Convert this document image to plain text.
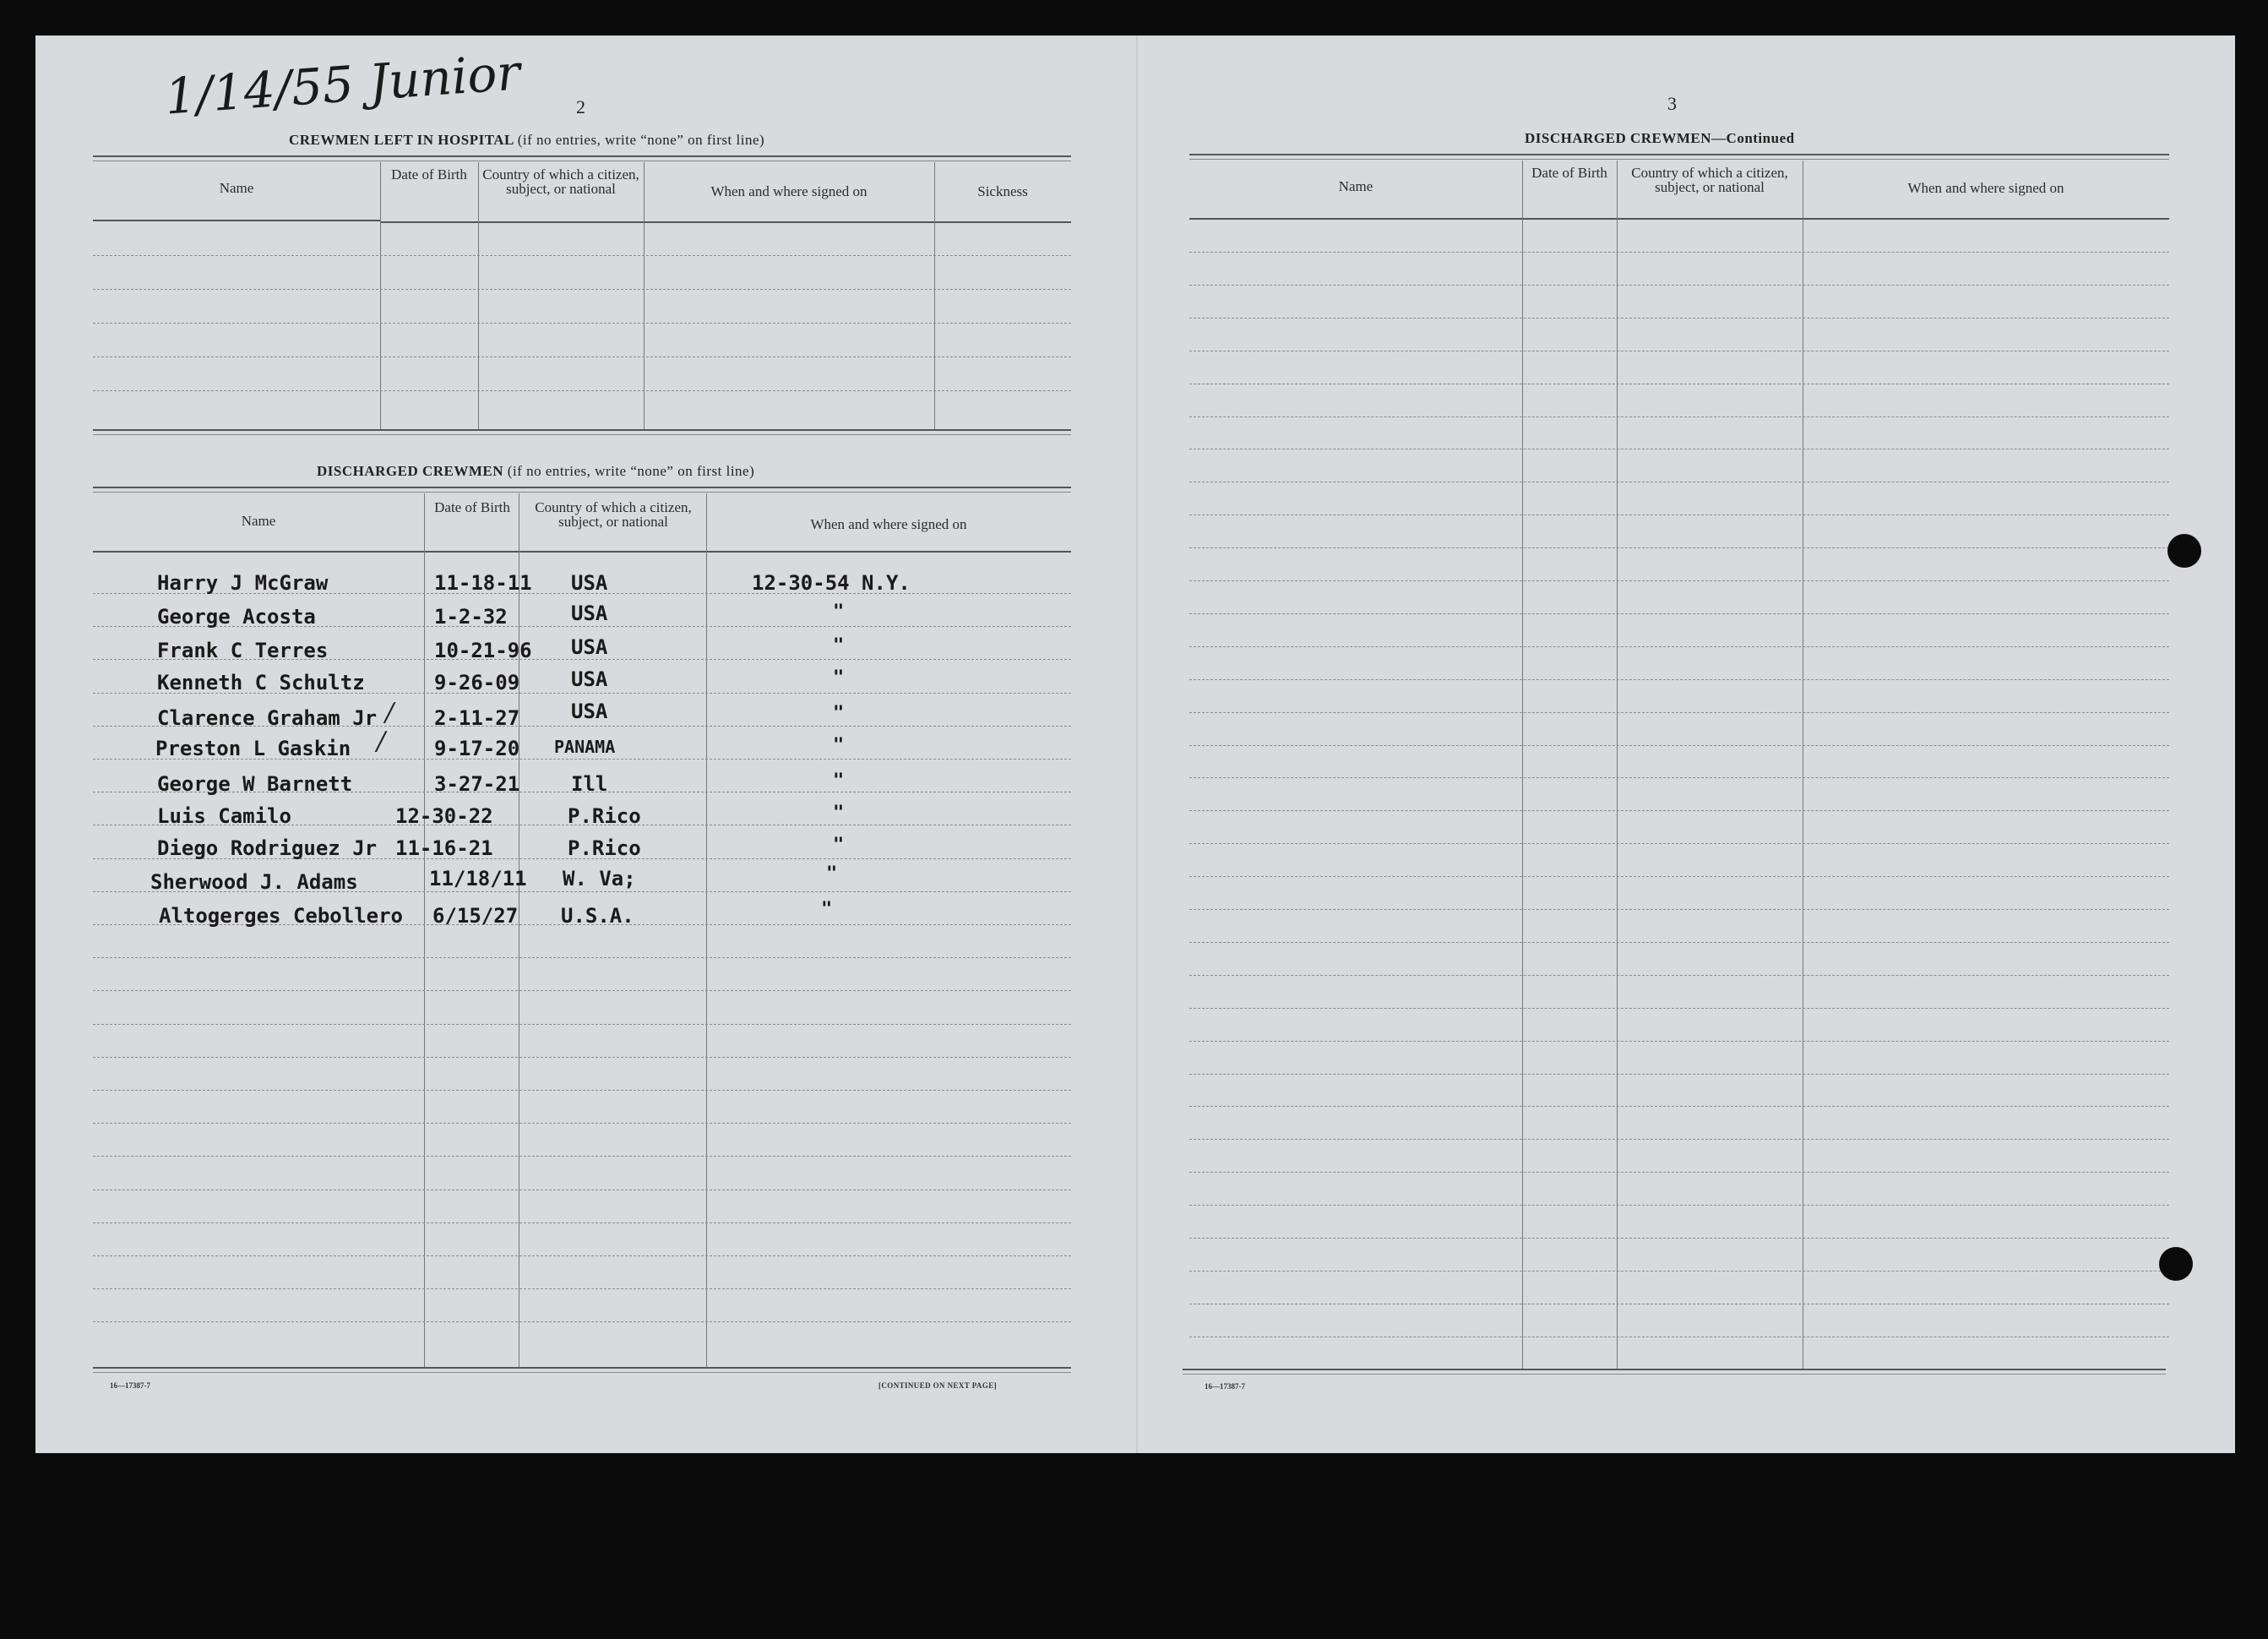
1/14/55 Junior	2
CREWMEN LEFT IN HOSPITAL (if no entries, write “none” on first line)
Name
Date of Birth	Country of which a citizen, subject, or national	When and where signed on	Sickness
DISCHARGED CREWMEN (if no entries, write “none” on first line)
Name
Date of Birth	Country of which a citizen, subject, or national	When and where signed on
Harry J McGraw	11-18-11 USA	12-30-54 N.Y.
George Acosta	1-2-32	USA	"
Frank C Terres	10-21-96 USA	"
Kenneth C Schultz	9-26-09	USA	"
Clarence Graham Jr	2-11-27	USA	"
Preston L Gaskin	9-17-20 PANAMA	"
George W Barnett	3-27-21	Ill	"
Luis Camilo	12-30-22	P.Rico	"
Diego Rodriguez Jr 11-16-21	P.Rico	"
Sherwood J. Adams	11/18/11 W. Va;	"
Altogerges Cebollero 6/15/27 U.S.A.	"
/
/
16—17387-7	[CONTINUED ON NEXT PAGE]
3
DISCHARGED CREWMEN—Continued
Name
Date of Birth	Country of which a citizen, subject, or national	When and where signed on
16—17387-7
